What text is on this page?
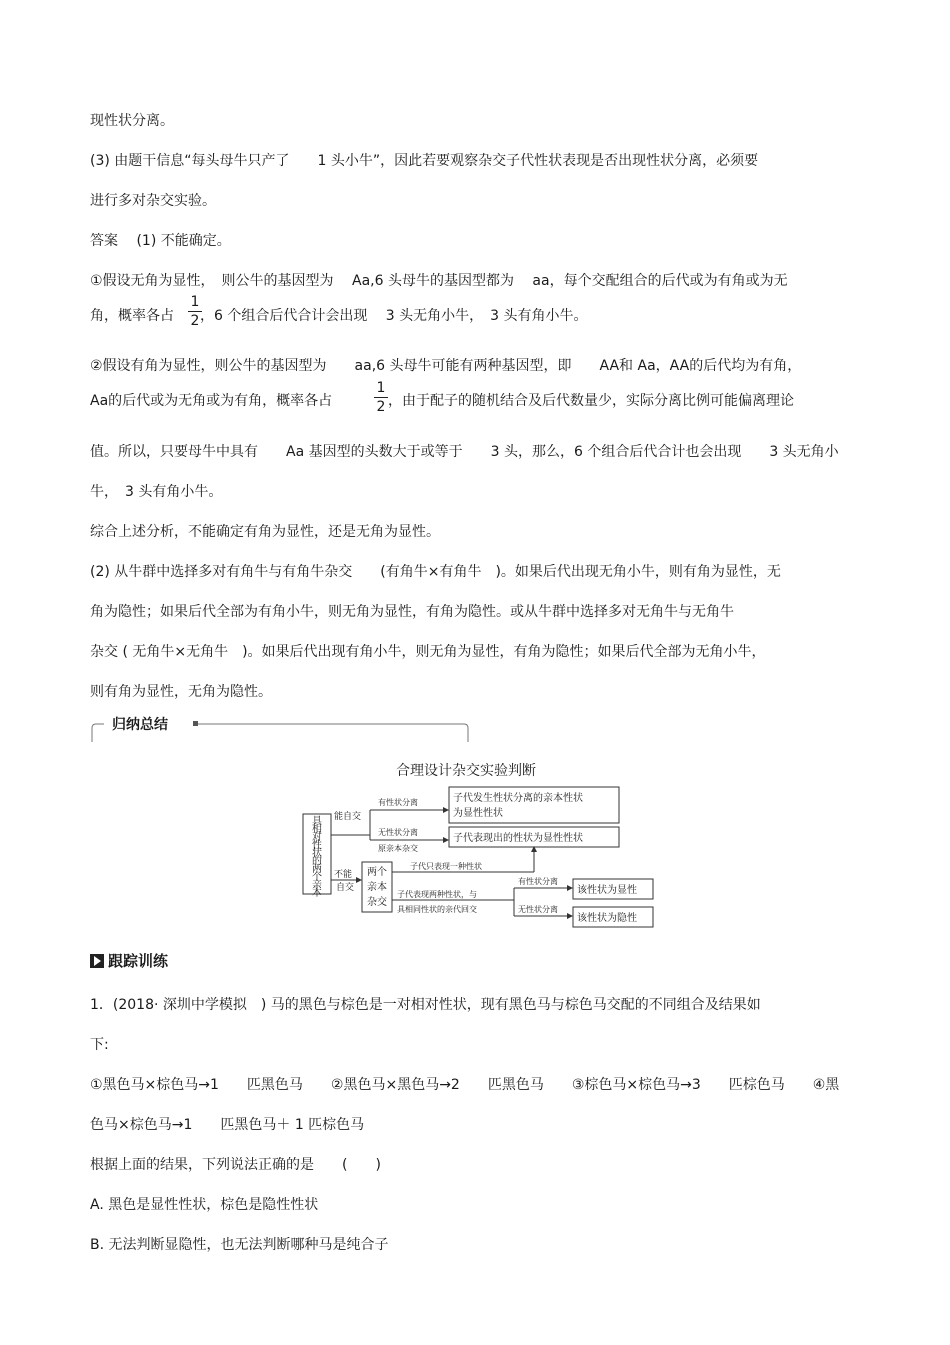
现性状分离。
(3) 由题干信息“每头母牛只产了　　1 头小牛”，因此若要观察杂交子代性状表现是否出现性状分离，必须要
进行多对杂交实验。
答案　 (1) 不能确定。
①假设无角为显性，　则公牛的基因型为　 Aa,6 头母牛的基因型都为　 aa，每个交配组合的后代或为有角或为无
角，概率各占
1
2 ，6 个组合后代合计会出现　 3 头无角小牛，　3 头有角小牛。
②假设有角为显性，则公牛的基因型为　　aa,6 头母牛可能有两种基因型，即　　AA和 Aa，AA的后代均为有角，
Aa的后代或为无角或为有角，概率各占
1
2 ，由于配子的随机结合及后代数量少，实际分离比例可能偏离理论
值。所以，只要母牛中具有　　Aa 基因型的头数大于或等于　　3 头，那么，6 个组合后代合计也会出现　　3 头无角小
牛，　3 头有角小牛。
综合上述分析，不能确定有角为显性，还是无角为显性。
(2) 从牛群中选择多对有角牛与有角牛杂交　　(有角牛×有角牛　)。如果后代出现无角小牛，则有角为显性，无
角为隐性；如果后代全部为有角小牛，则无角为显性，有角为隐性。或从牛群中选择多对无角牛与无角牛
杂交 ( 无角牛×无角牛　)。如果后代出现有角小牛，则无角为显性，有角为隐性；如果后代全部为无角小牛，
则有角为显性，无角为隐性。
归纳总结
合理设计杂交实验判断
具
相
对
性
状
的
两
个
亲
本
能自交
有性状分离
无性状分离
原亲本杂交
子代发生性状分离的亲本性状
为显性性状
子代表现出的性状为显性性状
不能
自交
两个
亲本
杂交
子代只表现一种性状
子代表现两种性状，与
具相同性状的亲代回交
有性状分离
无性状分离
该性状为显性
该性状为隐性
跟踪训练
1．(2018· 深圳中学模拟　) 马的黑色与棕色是一对相对性状，现有黑色马与棕色马交配的不同组合及结果如
下:
①黑色马×棕色马→1　　匹黑色马　　②黑色马×黑色马→2　　匹黑色马　　③棕色马×棕色马→3　　匹棕色马　　④黑
色马×棕色马→1　　匹黑色马＋ 1 匹棕色马
根据上面的结果，下列说法正确的是　　(　　)
A. 黑色是显性性状，棕色是隐性性状
B. 无法判断显隐性，也无法判断哪种马是纯合子
